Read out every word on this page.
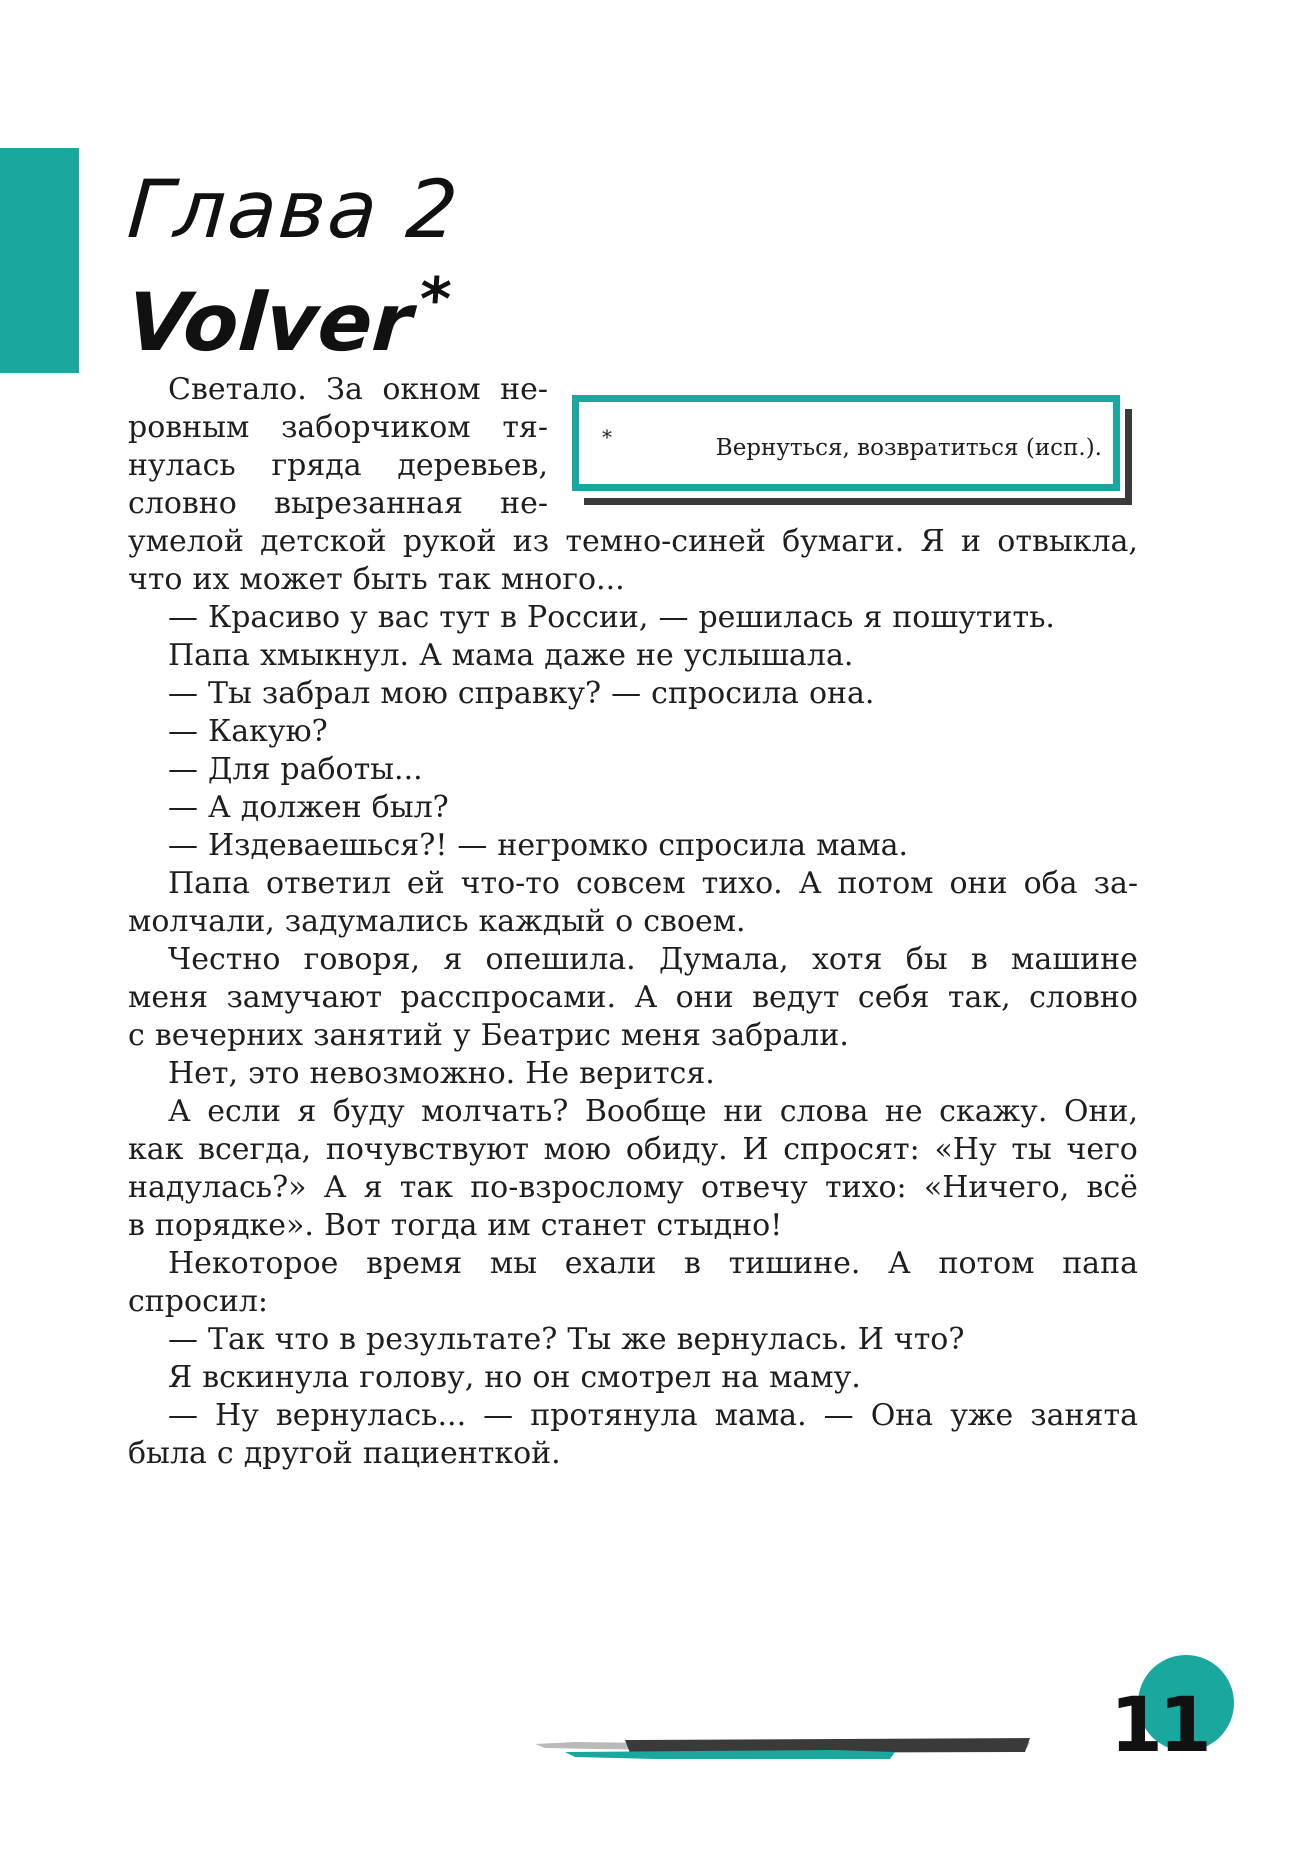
Глава 2
Volver*
*	Вернуться, возвратиться (исп.).
Светало. За окном не-
ровным заборчиком тя-
нулась гряда деревьев,
словно вырезанная не-
умелой детской рукой из темно-синей бумаги. Я и отвыкла,
что их может быть так много...
— Красиво у вас тут в России, — решилась я пошутить.
Папа хмыкнул. А мама даже не услышала.
— Ты забрал мою справку? — спросила она.
— Какую?
— Для работы...
— А должен был?
— Издеваешься?! — негромко спросила мама.
Папа ответил ей что-то совсем тихо. А потом они оба за-
молчали, задумались каждый о своем.
Честно говоря, я опешила. Думала, хотя бы в машине
меня замучают расспросами. А они ведут себя так, словно
с вечерних занятий у Беатрис меня забрали.
Нет, это невозможно. Не верится.
А если я буду молчать? Вообще ни слова не скажу. Они,
как всегда, почувствуют мою обиду. И спросят: «Ну ты чего
надулась?» А я так по-взрослому отвечу тихо: «Ничего, всё
в порядке». Вот тогда им станет стыдно!
Некоторое время мы ехали в тишине. А потом папа
спросил:
— Так что в результате? Ты же вернулась. И что?
Я вскинула голову, но он смотрел на маму.
— Ну вернулась... — протянула мама. — Она уже занята
была с другой пациенткой.
11
